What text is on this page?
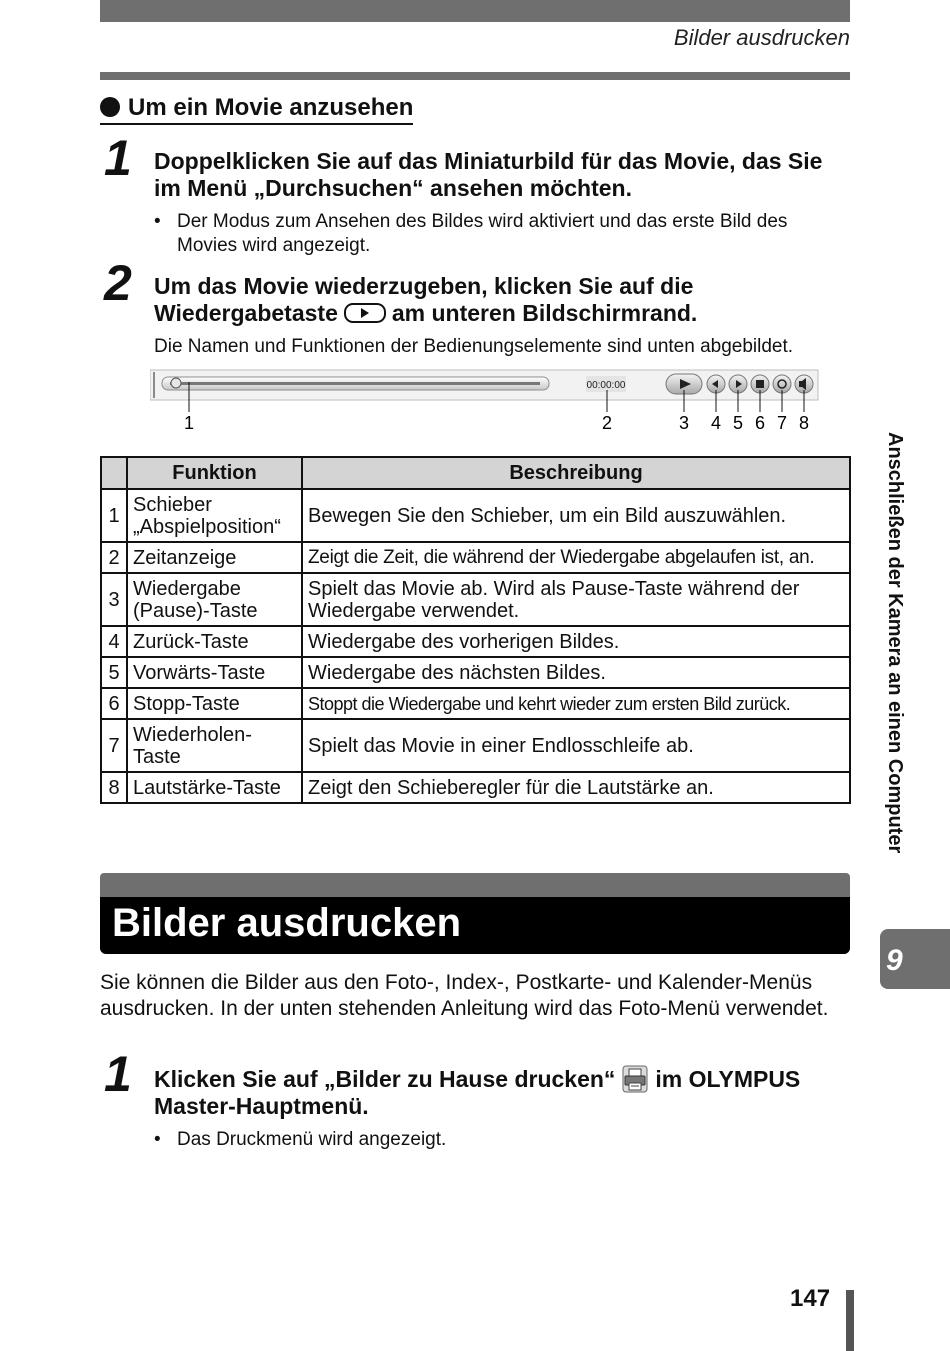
Bilder ausdrucken
Um ein Movie anzusehen
1 Doppelklicken Sie auf das Miniaturbild für das Movie, das Sie im Menü „Durchsuchen“ ansehen möchten.
• Der Modus zum Ansehen des Bildes wird aktiviert und das erste Bild des Movies wird angezeigt.
2 Um das Movie wiederzugeben, klicken Sie auf die Wiedergabetaste am unteren Bildschirmrand.
Die Namen und Funktionen der Bedienungselemente sind unten abgebildet.
00:00:00
1	2	3 4 5 6 7 8
	Funktion	Beschreibung
1	Schieber „Abspielposition“	Bewegen Sie den Schieber, um ein Bild auszuwählen.
2	Zeitanzeige	Zeigt die Zeit, die während der Wiedergabe abgelaufen ist, an.
3	Wiedergabe (Pause)-Taste	Spielt das Movie ab. Wird als Pause-Taste während der Wiedergabe verwendet.
4	Zurück-Taste	Wiedergabe des vorherigen Bildes.
5	Vorwärts-Taste	Wiedergabe des nächsten Bildes.
6	Stopp-Taste	Stoppt die Wiedergabe und kehrt wieder zum ersten Bild zurück.
7	Wiederholen-Taste	Spielt das Movie in einer Endlosschleife ab.
8	Lautstärke-Taste	Zeigt den Schieberegler für die Lautstärke an.
Bilder ausdrucken
Sie können die Bilder aus den Foto-, Index-, Postkarte- und Kalender-Menüs ausdrucken. In der unten stehenden Anleitung wird das Foto-Menü verwendet.
1 Klicken Sie auf „Bilder zu Hause drucken“ im OLYMPUS Master-Hauptmenü.
• Das Druckmenü wird angezeigt.
Anschließen der Kamera an einen Computer
9
147
